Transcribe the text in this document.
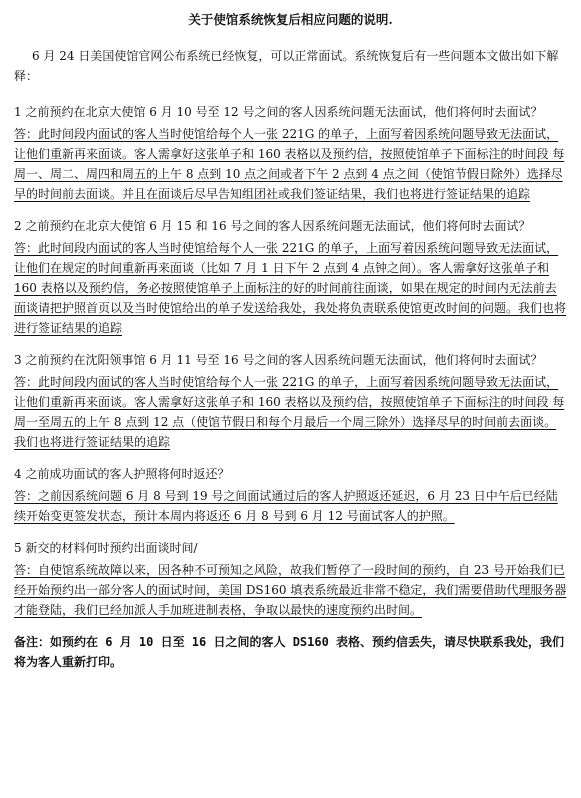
关于使馆系统恢复后相应问题的说明.

6 月 24 日美国使馆官网公布系统已经恢复，可以正常面试。系统恢复后有一些问题本文做出如下解释：

1 之前预约在北京大使馆 6 月 10 号至 12 号之间的客人因系统问题无法面试，他们将何时去面试？

答：此时间段内面试的客人当时使馆给每个人一张 221G 的单子，上面写着因系统问题导致无法面试，让他们重新再来面谈。客人需拿好这张单子和 160 表格以及预约信，按照使馆单子下面标注的时间段 每周一、周二、周四和周五的上午 8 点到 10 点之间或者下午 2 点到 4 点之间（使馆节假日除外）选择尽早的时间前去面谈。并且在面谈后尽早告知组团社或我们签证结果，我们也将进行签证结果的追踪

2 之前预约在北京大使馆 6 月 15 和 16 号之间的客人因系统问题无法面试，他们将何时去面试？

答：此时间段内面试的客人当时使馆给每个人一张 221G 的单子，上面写着因系统问题导致无法面试，让他们在规定的时间重新再来面谈（比如 7 月 1 日下午 2 点到 4 点钟之间）。客人需拿好这张单子和 160 表格以及预约信，务必按照使馆单子上面标注的好的时间前往面谈，如果在规定的时间内无法前去面谈请把护照首页以及当时使馆给出的单子发送给我处，我处将负责联系使馆更改时间的问题。我们也将进行签证结果的追踪

3 之前预约在沈阳领事馆 6 月 11 号至 16 号之间的客人因系统问题无法面试，他们将何时去面试？

答：此时间段内面试的客人当时使馆给每个人一张 221G 的单子，上面写着因系统问题导致无法面试，让他们重新再来面谈。客人需拿好这张单子和 160 表格以及预约信，按照使馆单子下面标注的时间段 每周一至周五的上午 8 点到 12 点（使馆节假日和每个月最后一个周三除外）选择尽早的时间前去面谈。我们也将进行签证结果的追踪

4 之前成功面试的客人护照将何时返还？

答：之前因系统问题 6 月 8 号到 19 号之间面试通过后的客人护照返还延迟，6 月 23 日中午后已经陆续开始变更签发状态，预计本周内将返还 6 月 8 号到 6 月 12 号面试客人的护照。

5 新交的材料何时预约出面谈时间/

答：自使馆系统故障以来，因各种不可预知之风险，故我们暂停了一段时间的预约，自 23 号开始我们已经开始预约出一部分客人的面试时间，美国 DS160 填表系统最近非常不稳定，我们需要借助代理服务器才能登陆，我们已经加派人手加班进制表格，争取以最快的速度预约出时间。

备注：如预约在 6 月 10 日至 16 日之间的客人 DS160 表格、预约信丢失，请尽快联系我处，我们将为客人重新打印。
